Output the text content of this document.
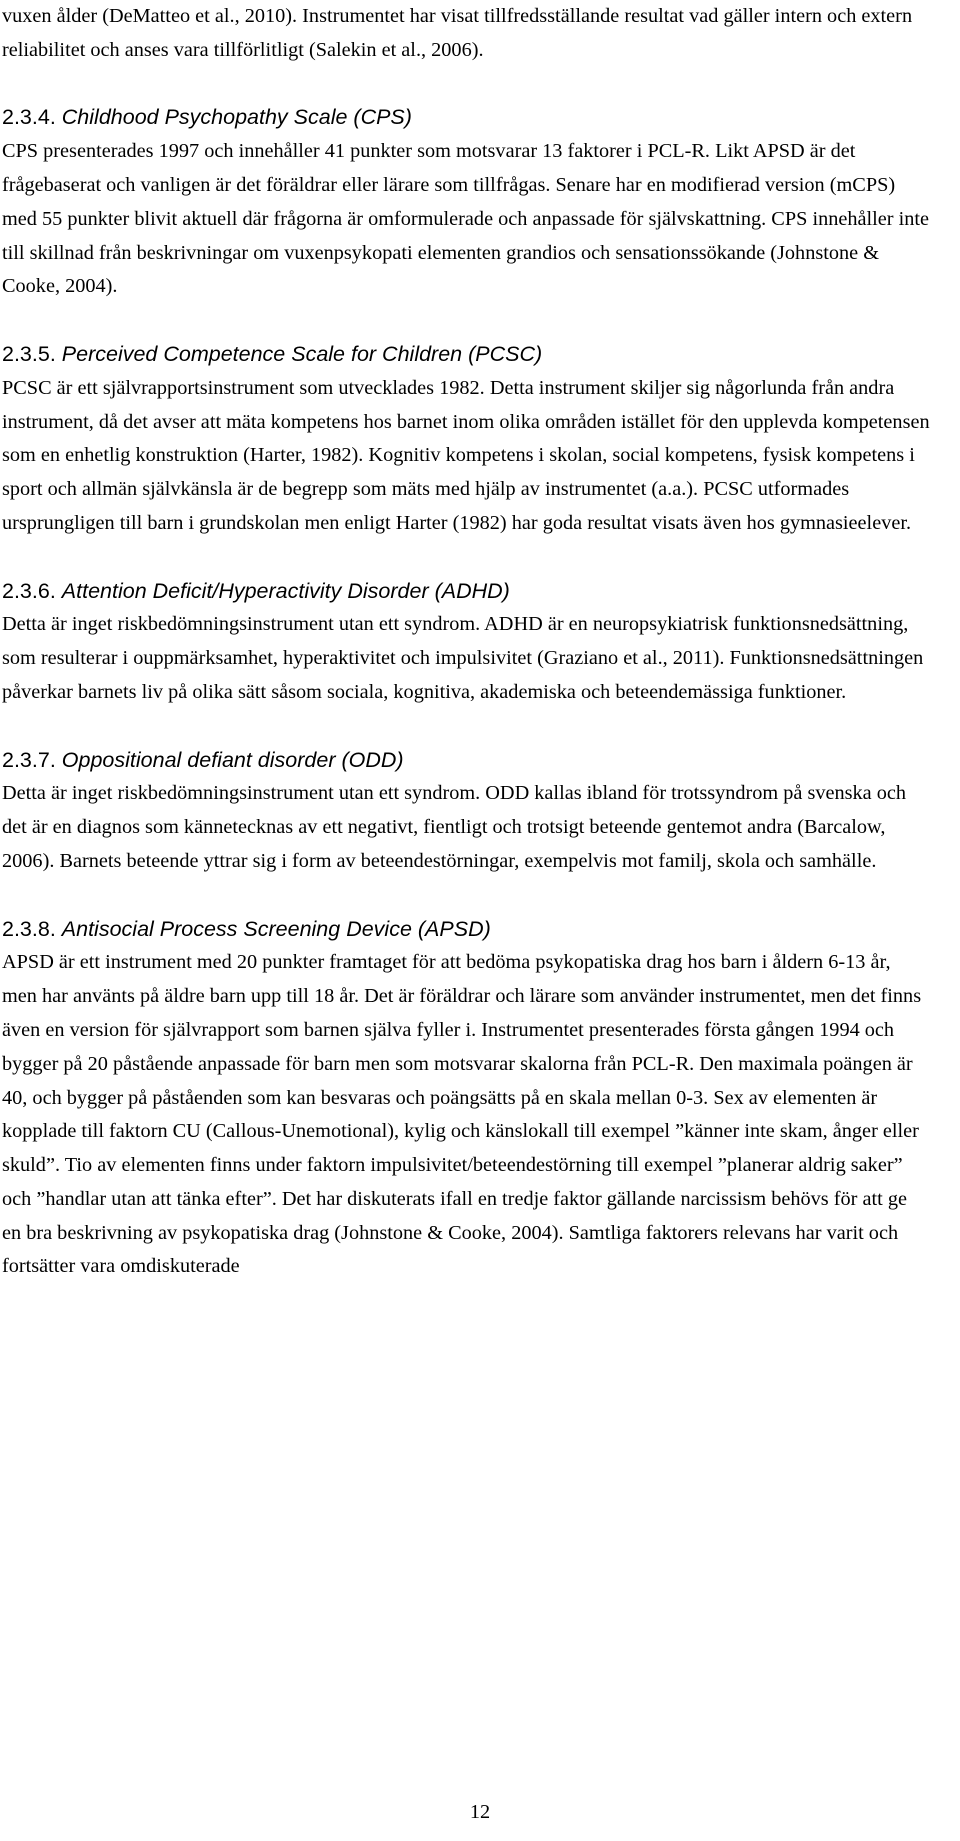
vuxen ålder (DeMatteo et al., 2010). Instrumentet har visat tillfredsställande resultat vad gäller intern och extern reliabilitet och anses vara tillförlitligt (Salekin et al., 2006).

2.3.4. Childhood Psychopathy Scale (CPS)

CPS presenterades 1997 och innehåller 41 punkter som motsvarar 13 faktorer i PCL-R. Likt APSD är det frågebaserat och vanligen är det föräldrar eller lärare som tillfrågas. Senare har en modifierad version (mCPS) med 55 punkter blivit aktuell där frågorna är omformulerade och anpassade för självskattning. CPS innehåller inte till skillnad från beskrivningar om vuxenpsykopati elementen grandios och sensationssökande (Johnstone & Cooke, 2004).

2.3.5. Perceived Competence Scale for Children (PCSC)

PCSC är ett självrapportsinstrument som utvecklades 1982. Detta instrument skiljer sig någorlunda från andra instrument, då det avser att mäta kompetens hos barnet inom olika områden istället för den upplevda kompetensen som en enhetlig konstruktion (Harter, 1982). Kognitiv kompetens i skolan, social kompetens, fysisk kompetens i sport och allmän självkänsla är de begrepp som mäts med hjälp av instrumentet (a.a.). PCSC utformades ursprungligen till barn i grundskolan men enligt Harter (1982) har goda resultat visats även hos gymnasieelever.

2.3.6. Attention Deficit/Hyperactivity Disorder (ADHD)

Detta är inget riskbedömningsinstrument utan ett syndrom. ADHD är en neuropsykiatrisk funktionsnedsättning, som resulterar i ouppmärksamhet, hyperaktivitet och impulsivitet (Graziano et al., 2011). Funktionsnedsättningen påverkar barnets liv på olika sätt såsom sociala, kognitiva, akademiska och beteendemässiga funktioner.

2.3.7. Oppositional defiant disorder (ODD)

Detta är inget riskbedömningsinstrument utan ett syndrom. ODD kallas ibland för trotssyndrom på svenska och det är en diagnos som kännetecknas av ett negativt, fientligt och trotsigt beteende gentemot andra (Barcalow, 2006). Barnets beteende yttrar sig i form av beteendestörningar, exempelvis mot familj, skola och samhälle.

2.3.8. Antisocial Process Screening Device (APSD)

APSD är ett instrument med 20 punkter framtaget för att bedöma psykopatiska drag hos barn i åldern 6-13 år, men har använts på äldre barn upp till 18 år. Det är föräldrar och lärare som använder instrumentet, men det finns även en version för självrapport som barnen själva fyller i. Instrumentet presenterades första gången 1994 och bygger på 20 påstående anpassade för barn men som motsvarar skalorna från PCL-R. Den maximala poängen är 40, och bygger på påståenden som kan besvaras och poängsätts på en skala mellan 0-3. Sex av elementen är kopplade till faktorn CU (Callous-Unemotional), kylig och känslokall till exempel ”känner inte skam, ånger eller skuld”. Tio av elementen finns under faktorn impulsivitet/beteendestörning till exempel ”planerar aldrig saker” och ”handlar utan att tänka efter”. Det har diskuterats ifall en tredje faktor gällande narcissism behövs för att ge en bra beskrivning av psykopatiska drag (Johnstone & Cooke, 2004). Samtliga faktorers relevans har varit och fortsätter vara omdiskuterade

12
